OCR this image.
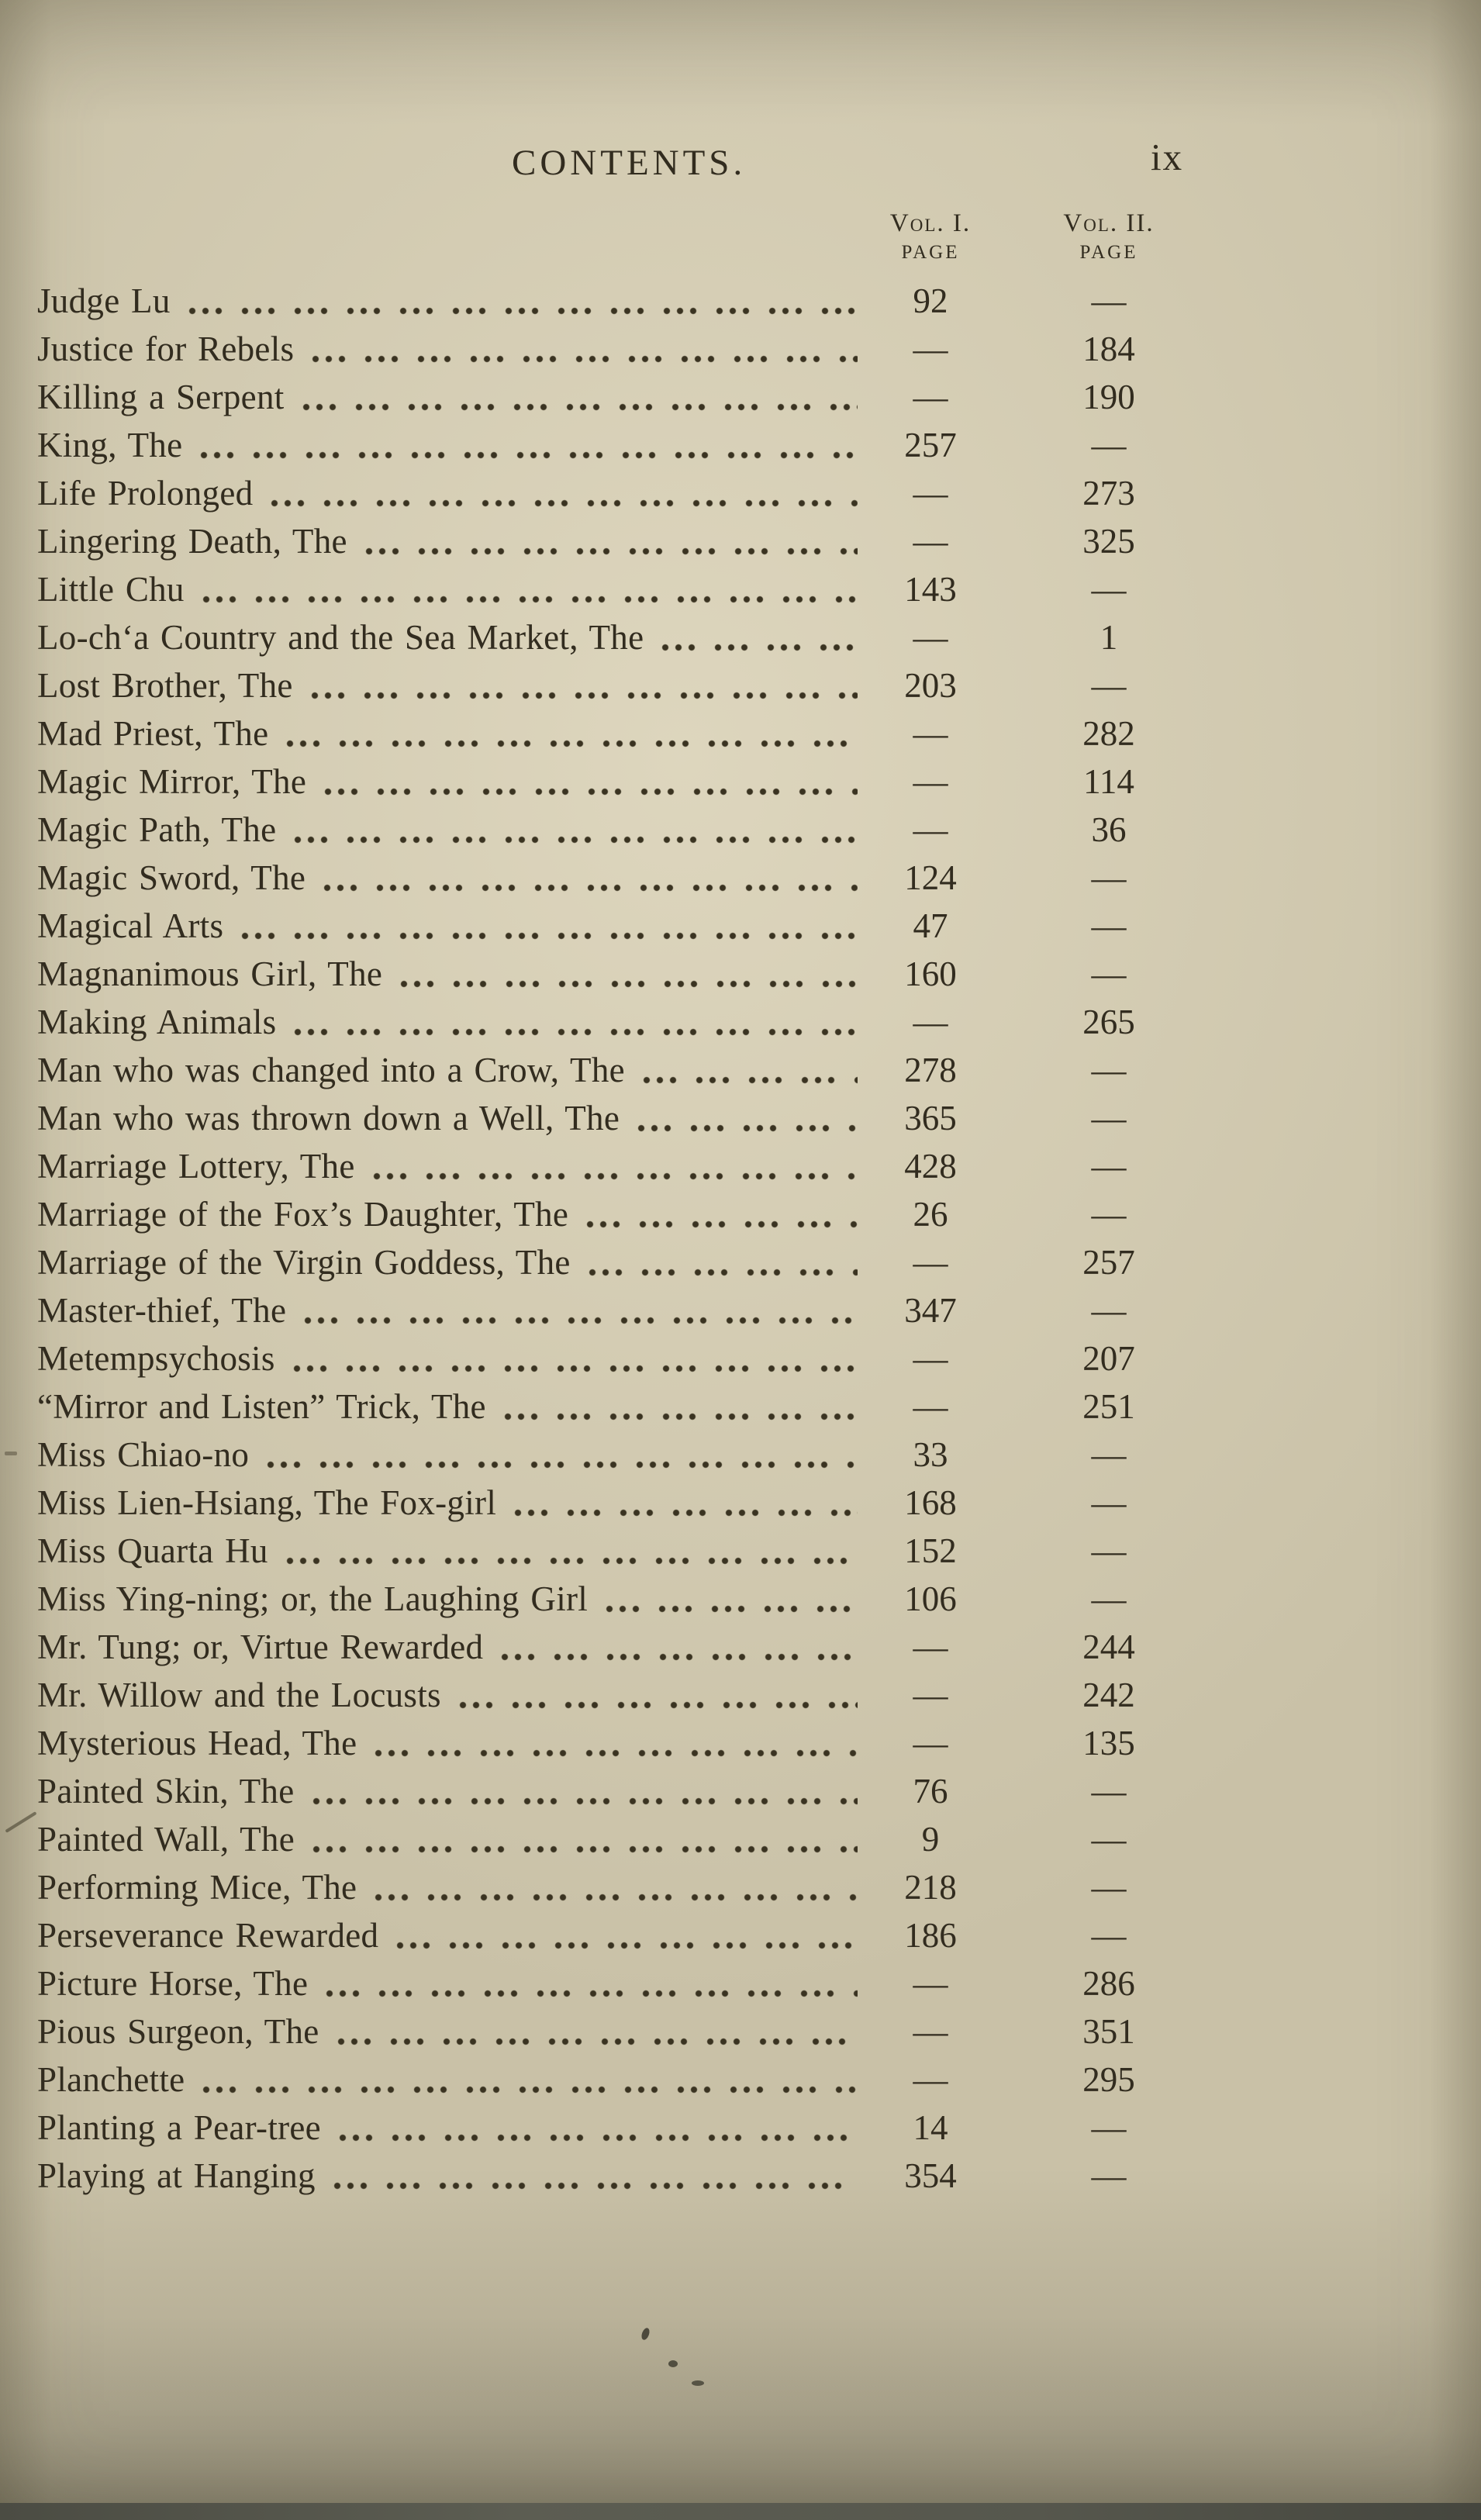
CONTENTS.	ix
Vol. I.
PAGE
Vol. II.
PAGE
Judge Lu	92	—
Justice for Rebels	—	184
Killing a Serpent	—	190
King, The	257	—
Life Prolonged	—	273
Lingering Death, The	—	325
Little Chu	143	—
Lo-ch‘a Country and the Sea Market, The	—	1
Lost Brother, The	203	—
Mad Priest, The	—	282
Magic Mirror, The	—	114
Magic Path, The	—	36
Magic Sword, The	124	—
Magical Arts	47	—
Magnanimous Girl, The	160	—
Making Animals	—	265
Man who was changed into a Crow, The	278	—
Man who was thrown down a Well, The	365	—
Marriage Lottery, The	428	—
Marriage of the Fox’s Daughter, The	26	—
Marriage of the Virgin Goddess, The	—	257
Master-thief, The	347	—
Metempsychosis	—	207
“Mirror and Listen” Trick, The	—	251
Miss Chiao-no	33	—
Miss Lien-Hsiang, The Fox-girl	168	—
Miss Quarta Hu	152	—
Miss Ying-ning; or, the Laughing Girl	106	—
Mr. Tung; or, Virtue Rewarded	—	244
Mr. Willow and the Locusts	—	242
Mysterious Head, The	—	135
Painted Skin, The	76	—
Painted Wall, The	9	—
Performing Mice, The	218	—
Perseverance Rewarded	186	—
Picture Horse, The	—	286
Pious Surgeon, The	—	351
Planchette	—	295
Planting a Pear-tree	14	—
Playing at Hanging	354	—
